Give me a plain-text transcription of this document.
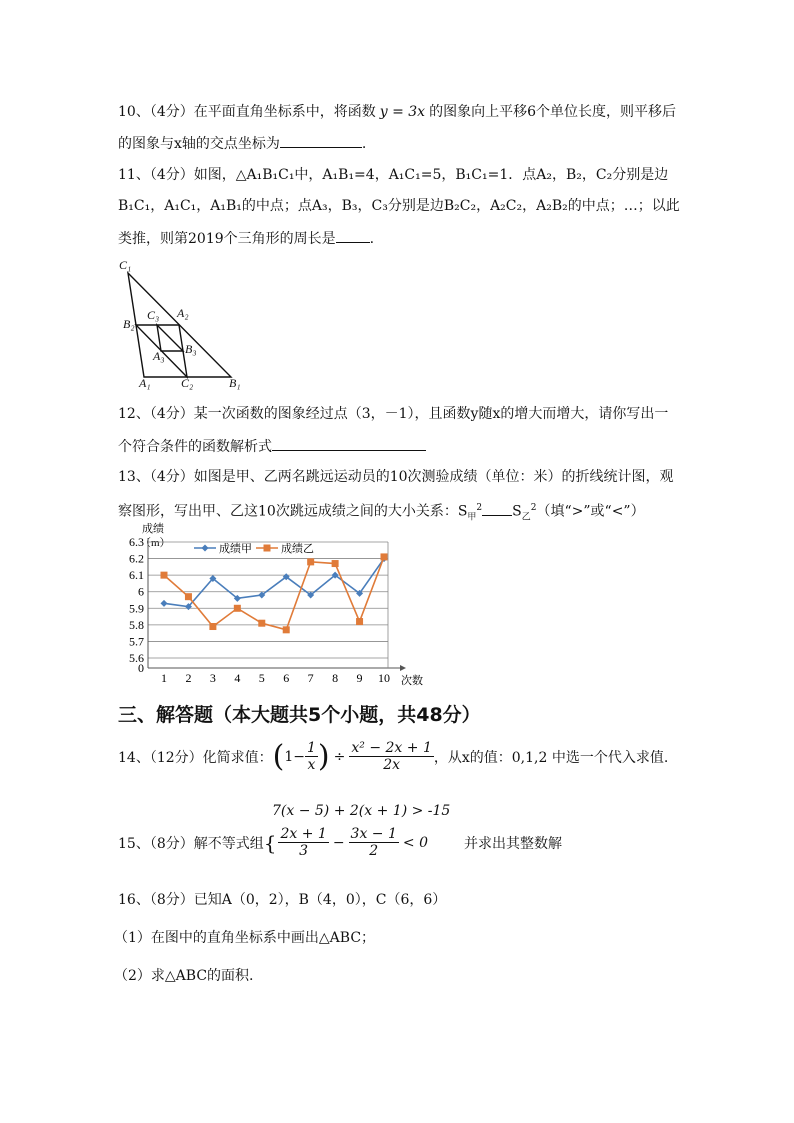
10、（4分）在平面直角坐标系中，将函数 y = 3x 的图象向上平移6个单位长度，则平移后
的图象与x轴的交点坐标为	.
11、（4分）如图，△A₁B₁C₁中，A₁B₁=4，A₁C₁=5，B₁C₁=1．点A₂，B₂，C₂分别是边
B₁C₁，A₁C₁，A₁B₁的中点；点A₃，B₃，C₃分别是边B₂C₂，A₂C₂，A₂B₂的中点；…；以此
类推，则第2019个三角形的周长是 .
C₁
B₂
C₃ A₂
B₃
A₃
A₁	C₂	B₁
12、（4分）某一次函数的图象经过点（3，－1），且函数y随x的增大而增大，请你写出一
个符合条件的函数解析式
13、（4分）如图是甲、乙两名跳远运动员的10次测验成绩（单位：米）的折线统计图，观
察图形，写出甲、乙这10次跳远成绩之间的大小关系：$S_甲^2$ $S_乙^2$（填“>”或“<”）
成绩
（m）
6.3
6.2
6.1
6
5.9
5.8
5.7
5.6
0
1 2 3 4 5 6 7 8 9 10
成绩甲	成绩乙
次数
三、解答题（本大题共5个小题，共48分）
14、（12分）化简求值： ( $1- \frac{1}{x}$ ) ÷ $\frac{\text{x² − 2x + 1}}{2x}$ ，从x的值：0,1,2 中选一个代入求值.
7(x − 5) + 2(x + 1) > -15
15、（8分）解不等式组 { $\frac{2x + 1}{3} - \frac{3x - 1}{2} < 0$	并求出其整数解
16、（8分）已知A（0，2），B（4，0），C（6，6）
（1）在图中的直角坐标系中画出△ABC；
（2）求△ABC的面积.
